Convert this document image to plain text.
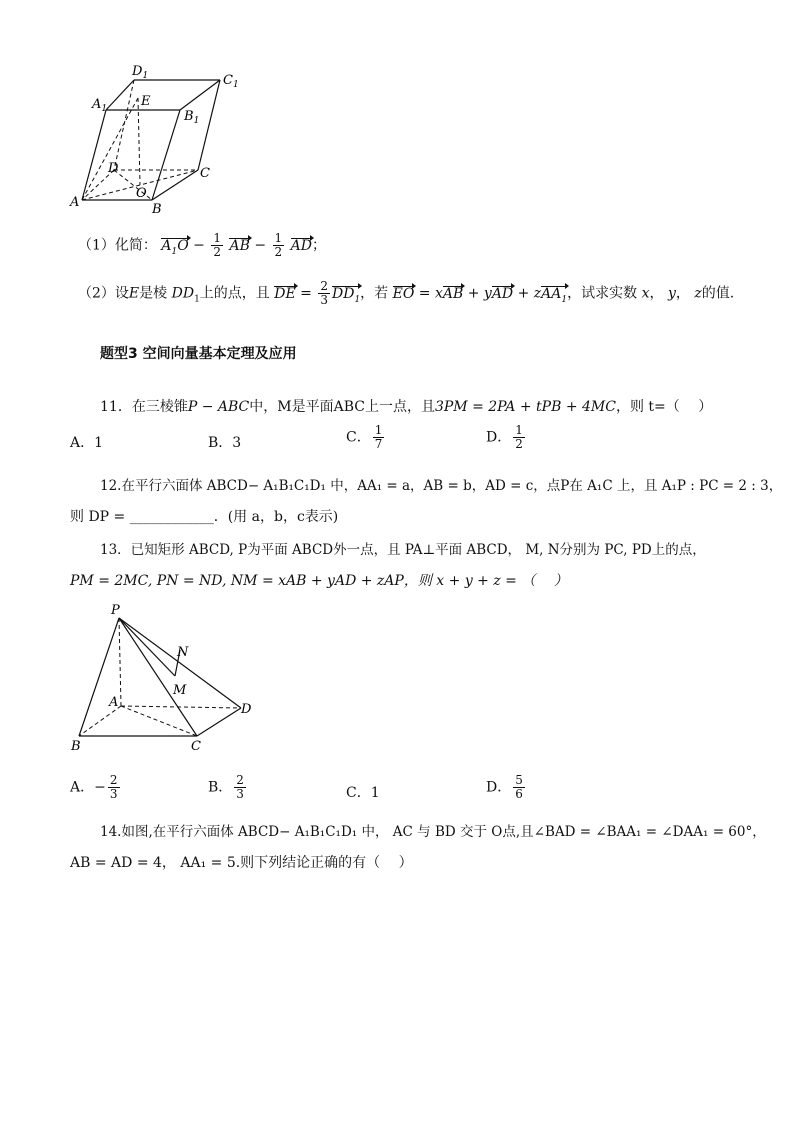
$D_1$	$C_1$
$A_1$	E
$B_1$
D	C
O
A	B
（1）化简： $A_1O - \frac{1}{2}$ AB − $\frac{1}{2}$ AD；
（2）设E是棱 $DD_1$上的点，且 DE = $\frac{2}{3} DD_1$，若 EO = xAB + yAD + zAA$_1$，试求实数 x， y， z的值.
题型3 空间向量基本定理及应用
11．在三棱锥P − ABC中，M是平面ABC上一点，且3PM = 2PA + tPB + 4MC，则 t=（　 ）
A．1	B．3	C． $\frac{1}{7}$	D． $\frac{1}{2}$
12.在平行六面体 ABCD− A₁B₁C₁D₁ 中，AA₁ = a，AB = b，AD = c，点P在 A₁C 上，且 A₁P : PC = 2 : 3，
则 DP = ____________．(用 a，b，c表示)
13．已知矩形 ABCD, P为平面 ABCD外一点，且 PA⊥平面 ABCD， M, N分别为 PC, PD上的点，
PM = 2MC, PN = ND, NM = xAB + yAD + zAP，则 x + y + z = （　 ）
P
N
M
A	D
B	C
A．− $\frac{2}{3}$	B． $\frac{2}{3}$	C．1	D． $\frac{5}{6}$
14.如图,在平行六面体 ABCD− A₁B₁C₁D₁ 中， AC 与 BD 交于 O点,且∠BAD = ∠BAA₁ = ∠DAA₁ = 60°，
AB = AD = 4， AA₁ = 5.则下列结论正确的有（　 ）
